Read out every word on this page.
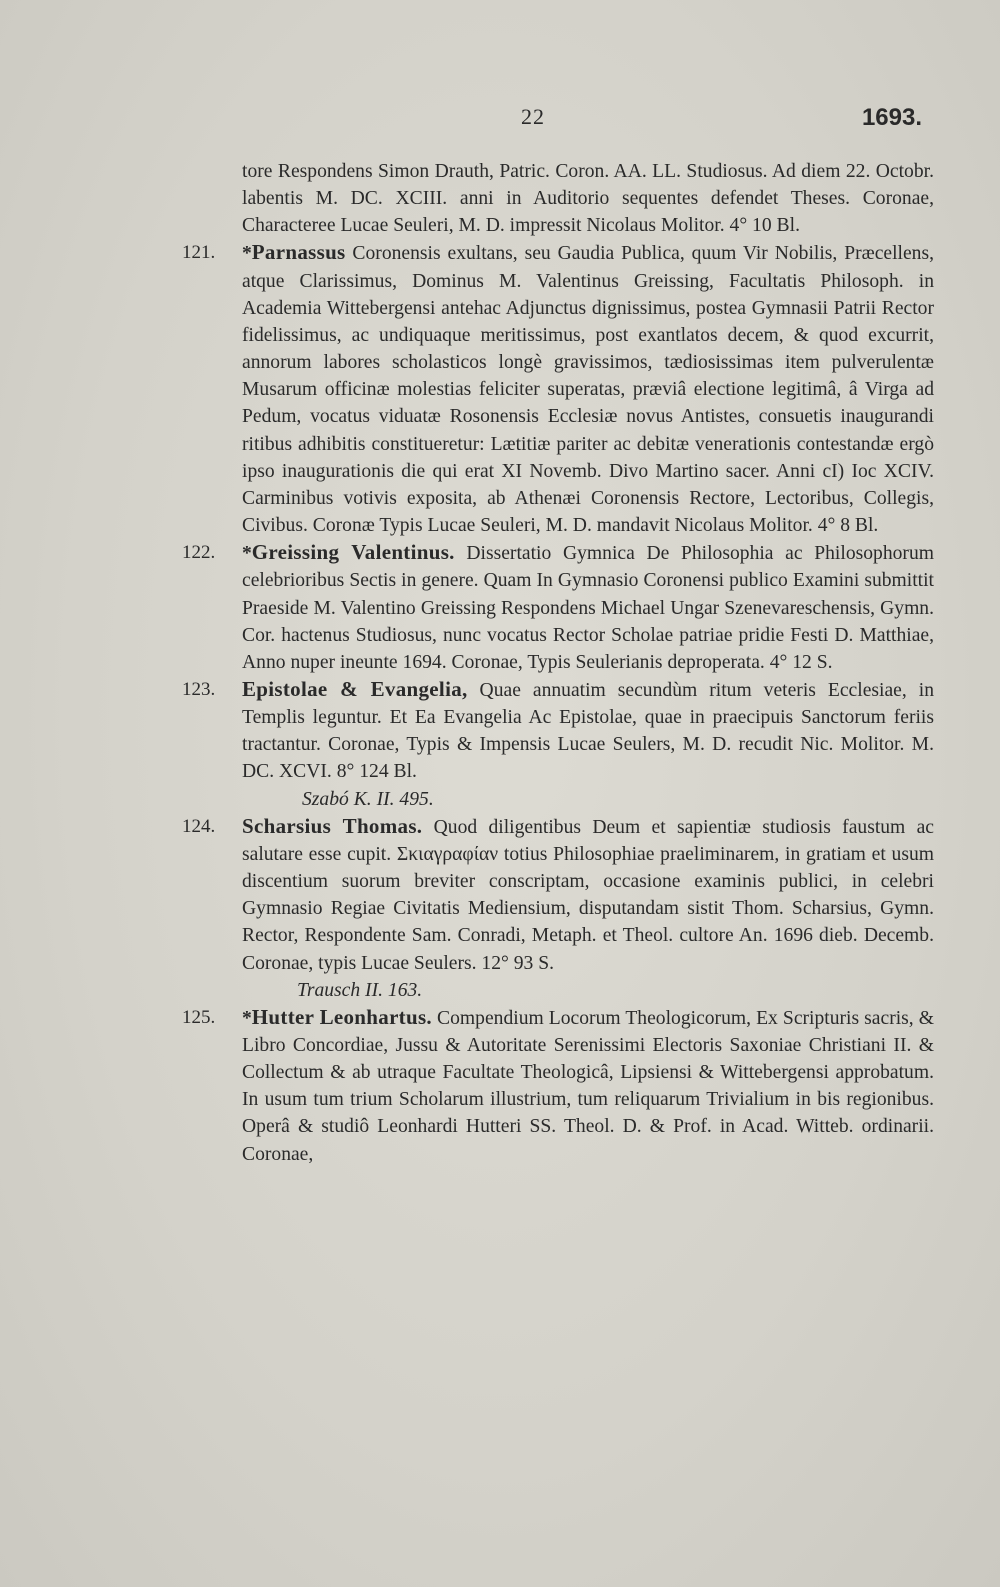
22	1693.

tore Respondens Simon Drauth, Patric. Coron. AA. LL. Studiosus. Ad diem 22. Octobr. labentis M. DC. XCIII. anni in Auditorio sequentes defendet Theses. Coronae, Characteree Lucae Seuleri, M. D. impressit Nicolaus Molitor. 4° 10 Bl.

121.	*Parnassus Coronensis exultans, seu Gaudia Publica, quum Vir Nobilis, Præcellens, atque Clarissimus, Dominus M. Valentinus Greissing, Facultatis Philosoph. in Academia Wittebergensi antehac Adjunctus dignissimus, postea Gymnasii Patrii Rector fidelissimus, ac undiquaque meritissimus, post exantlatos decem, & quod excurrit, annorum labores scholasticos longè gravissimos, tædiosissimas item pulverulentæ Musarum officinæ molestias feliciter superatas, præviâ electione legitimâ, â Virga ad Pedum, vocatus viduatæ Rosonensis Ecclesiæ novus Antistes, consuetis inaugurandi ritibus adhibitis constitueretur: Lætitiæ pariter ac debitæ venerationis contestandæ ergò ipso inaugurationis die qui erat XI Novemb. Divo Martino sacer. Anni cI) Ioc XCIV. Carminibus votivis exposita, ab Athenæi Coronensis Rectore, Lectoribus, Collegis, Civibus. Coronæ Typis Lucae Seuleri, M. D. mandavit Nicolaus Molitor. 4° 8 Bl.

122.	*Greissing Valentinus. Dissertatio Gymnica De Philosophia ac Philosophorum celebrioribus Sectis in genere. Quam In Gymnasio Coronensi publico Examini submittit Praeside M. Valentino Greissing Respondens Michael Ungar Szenevareschensis, Gymn. Cor. hactenus Studiosus, nunc vocatus Rector Scholae patriae pridie Festi D. Matthiae, Anno nuper ineunte 1694. Coronae, Typis Seulerianis deproperata. 4° 12 S.

123.	Epistolae & Evangelia, Quae annuatim secundùm ritum veteris Ecclesiae, in Templis leguntur. Et Ea Evangelia Ac Epistolae, quae in praecipuis Sanctorum feriis tractantur. Coronae, Typis & Impensis Lucae Seulers, M. D. recudit Nic. Molitor. M. DC. XCVI. 8° 124 Bl.

Szabó K. II. 495.

124.	Scharsius Thomas. Quod diligentibus Deum et sapientiæ studiosis faustum ac salutare esse cupit. Σκιαγραφίαν totius Philosophiae praeliminarem, in gratiam et usum discentium suorum breviter conscriptam, occasione examinis publici, in celebri Gymnasio Regiae Civitatis Mediensium, disputandam sistit Thom. Scharsius, Gymn. Rector, Respondente Sam. Conradi, Metaph. et Theol. cultore An. 1696 dieb. Decemb. Coronae, typis Lucae Seulers. 12° 93 S.

Trausch II. 163.

125.	*Hutter Leonhartus. Compendium Locorum Theologicorum, Ex Scripturis sacris, & Libro Concordiae, Jussu & Autoritate Serenissimi Electoris Saxoniae Christiani II. & Collectum & ab utraque Facultate Theologicâ, Lipsiensi & Wittebergensi approbatum. In usum tum trium Scholarum illustrium, tum reliquarum Trivialium in bis regionibus. Operâ & studiô Leonhardi Hutteri SS. Theol. D. & Prof. in Acad. Witteb. ordinarii. Coronae,
